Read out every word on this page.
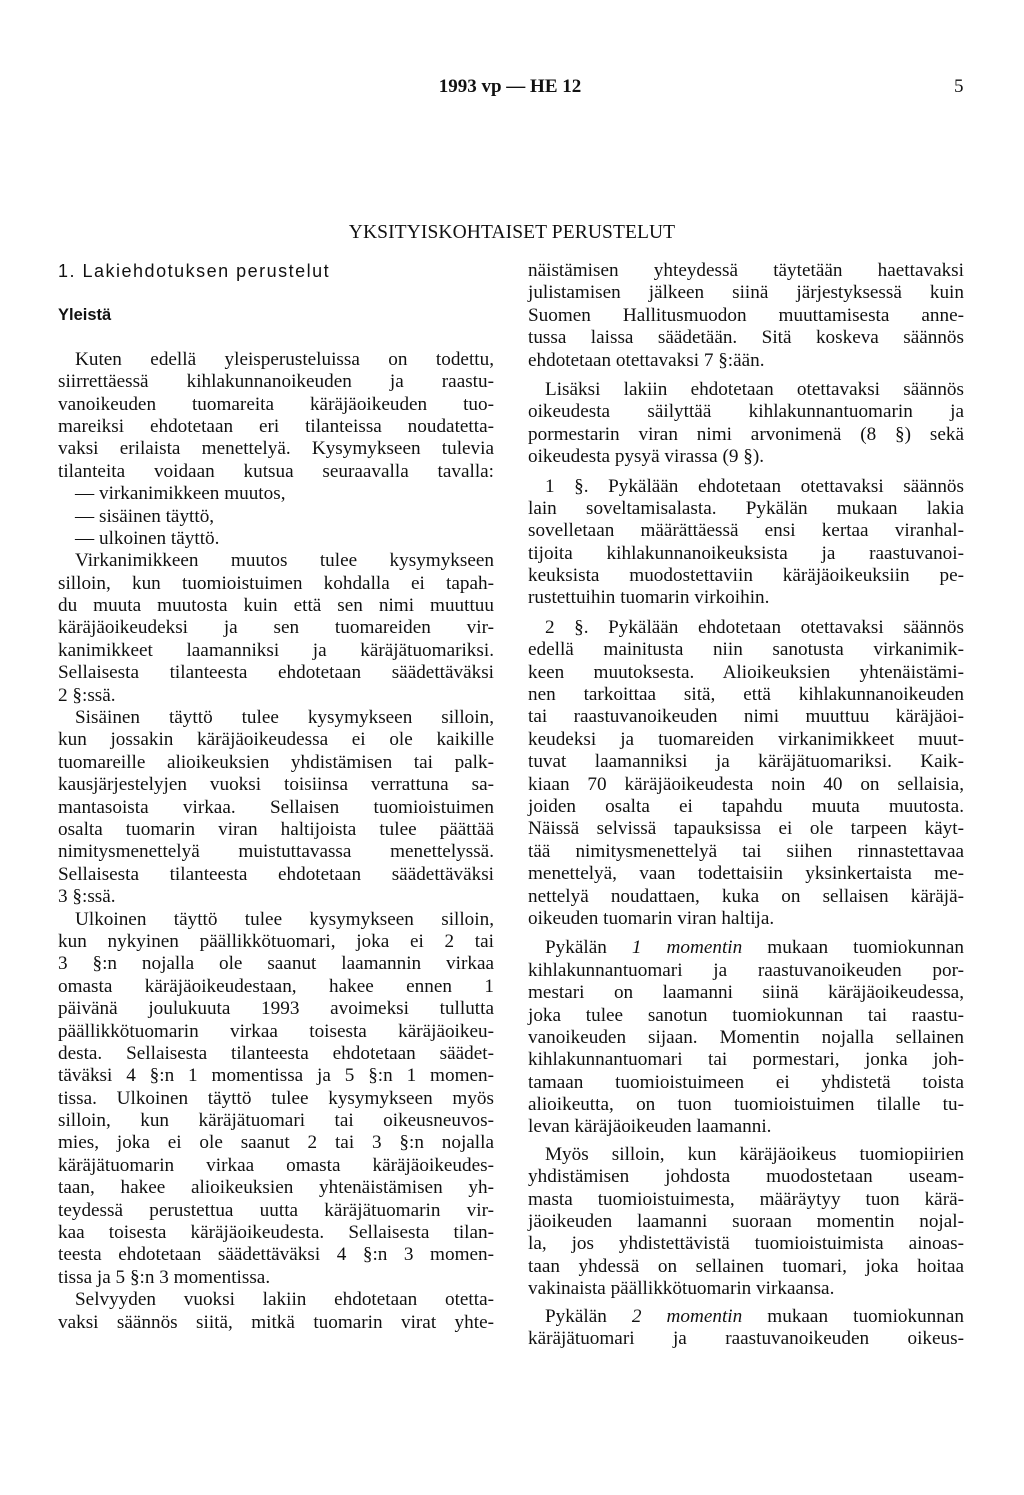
1993 vp — HE 12	5
YKSITYISKOHTAISET PERUSTELUT
1. Lakiehdotuksen perustelut
Yleistä
Kuten edellä yleisperusteluissa on todettu,
siirrettäessä kihlakunnanoikeuden ja raastu-
vanoikeuden tuomareita käräjäoikeuden tuo-
mareiksi ehdotetaan eri tilanteissa noudatetta-
vaksi erilaista menettelyä. Kysymykseen tulevia
tilanteita voidaan kutsua seuraavalla tavalla:
— virkanimikkeen muutos,
— sisäinen täyttö,
— ulkoinen täyttö.
Virkanimikkeen muutos tulee kysymykseen
silloin, kun tuomioistuimen kohdalla ei tapah-
du muuta muutosta kuin että sen nimi muuttuu
käräjäoikeudeksi ja sen tuomareiden vir-
kanimikkeet laamanniksi ja käräjätuomariksi.
Sellaisesta tilanteesta ehdotetaan säädettäväksi
2 §:ssä.
Sisäinen täyttö tulee kysymykseen silloin,
kun jossakin käräjäoikeudessa ei ole kaikille
tuomareille alioikeuksien yhdistämisen tai palk-
kausjärjestelyjen vuoksi toisiinsa verrattuna sa-
mantasoista virkaa. Sellaisen tuomioistuimen
osalta tuomarin viran haltijoista tulee päättää
nimitysmenettelyä muistuttavassa menettelyssä.
Sellaisesta tilanteesta ehdotetaan säädettäväksi
3 §:ssä.
Ulkoinen täyttö tulee kysymykseen silloin,
kun nykyinen päällikkötuomari, joka ei 2 tai
3 §:n nojalla ole saanut laamannin virkaa
omasta käräjäoikeudestaan, hakee ennen 1
päivänä joulukuuta 1993 avoimeksi tullutta
päällikkötuomarin virkaa toisesta käräjäoikeu-
desta. Sellaisesta tilanteesta ehdotetaan säädet-
täväksi 4 §:n 1 momentissa ja 5 §:n 1 momen-
tissa. Ulkoinen täyttö tulee kysymykseen myös
silloin, kun käräjätuomari tai oikeusneuvos-
mies, joka ei ole saanut 2 tai 3 §:n nojalla
käräjätuomarin virkaa omasta käräjäoikeudes-
taan, hakee alioikeuksien yhtenäistämisen yh-
teydessä perustettua uutta käräjätuomarin vir-
kaa toisesta käräjäoikeudesta. Sellaisesta tilan-
teesta ehdotetaan säädettäväksi 4 §:n 3 momen-
tissa ja 5 §:n 3 momentissa.
Selvyyden vuoksi lakiin ehdotetaan otetta-
vaksi säännös siitä, mitkä tuomarin virat yhte-
näistämisen yhteydessä täytetään haettavaksi
julistamisen jälkeen siinä järjestyksessä kuin
Suomen Hallitusmuodon muuttamisesta anne-
tussa laissa säädetään. Sitä koskeva säännös
ehdotetaan otettavaksi 7 §:ään.
Lisäksi lakiin ehdotetaan otettavaksi säännös
oikeudesta säilyttää kihlakunnantuomarin ja
pormestarin viran nimi arvonimenä (8 §) sekä
oikeudesta pysyä virassa (9 §).
1 §. Pykälään ehdotetaan otettavaksi säännös
lain soveltamisalasta. Pykälän mukaan lakia
sovelletaan määrättäessä ensi kertaa viranhal-
tijoita kihlakunnanoikeuksista ja raastuvanoi-
keuksista muodostettaviin käräjäoikeuksiin pe-
rustettuihin tuomarin virkoihin.
2 §. Pykälään ehdotetaan otettavaksi säännös
edellä mainitusta niin sanotusta virkanimik-
keen muutoksesta. Alioikeuksien yhtenäistämi-
nen tarkoittaa sitä, että kihlakunnanoikeuden
tai raastuvanoikeuden nimi muuttuu käräjäoi-
keudeksi ja tuomareiden virkanimikkeet muut-
tuvat laamanniksi ja käräjätuomariksi. Kaik-
kiaan 70 käräjäoikeudesta noin 40 on sellaisia,
joiden osalta ei tapahdu muuta muutosta.
Näissä selvissä tapauksissa ei ole tarpeen käyt-
tää nimitysmenettelyä tai siihen rinnastettavaa
menettelyä, vaan todettaisiin yksinkertaista me-
nettelyä noudattaen, kuka on sellaisen käräjä-
oikeuden tuomarin viran haltija.
Pykälän 1 momentin mukaan tuomiokunnan
kihlakunnantuomari ja raastuvanoikeuden por-
mestari on laamanni siinä käräjäoikeudessa,
joka tulee sanotun tuomiokunnan tai raastu-
vanoikeuden sijaan. Momentin nojalla sellainen
kihlakunnantuomari tai pormestari, jonka joh-
tamaan tuomioistuimeen ei yhdistetä toista
alioikeutta, on tuon tuomioistuimen tilalle tu-
levan käräjäoikeuden laamanni.
Myös silloin, kun käräjäoikeus tuomiopiirien
yhdistämisen johdosta muodostetaan useam-
masta tuomioistuimesta, määräytyy tuon kärä-
jäoikeuden laamanni suoraan momentin nojal-
la, jos yhdistettävistä tuomioistuimista ainoas-
taan yhdessä on sellainen tuomari, joka hoitaa
vakinaista päällikkötuomarin virkaansa.
Pykälän 2 momentin mukaan tuomiokunnan
käräjätuomari ja raastuvanoikeuden oikeus-
